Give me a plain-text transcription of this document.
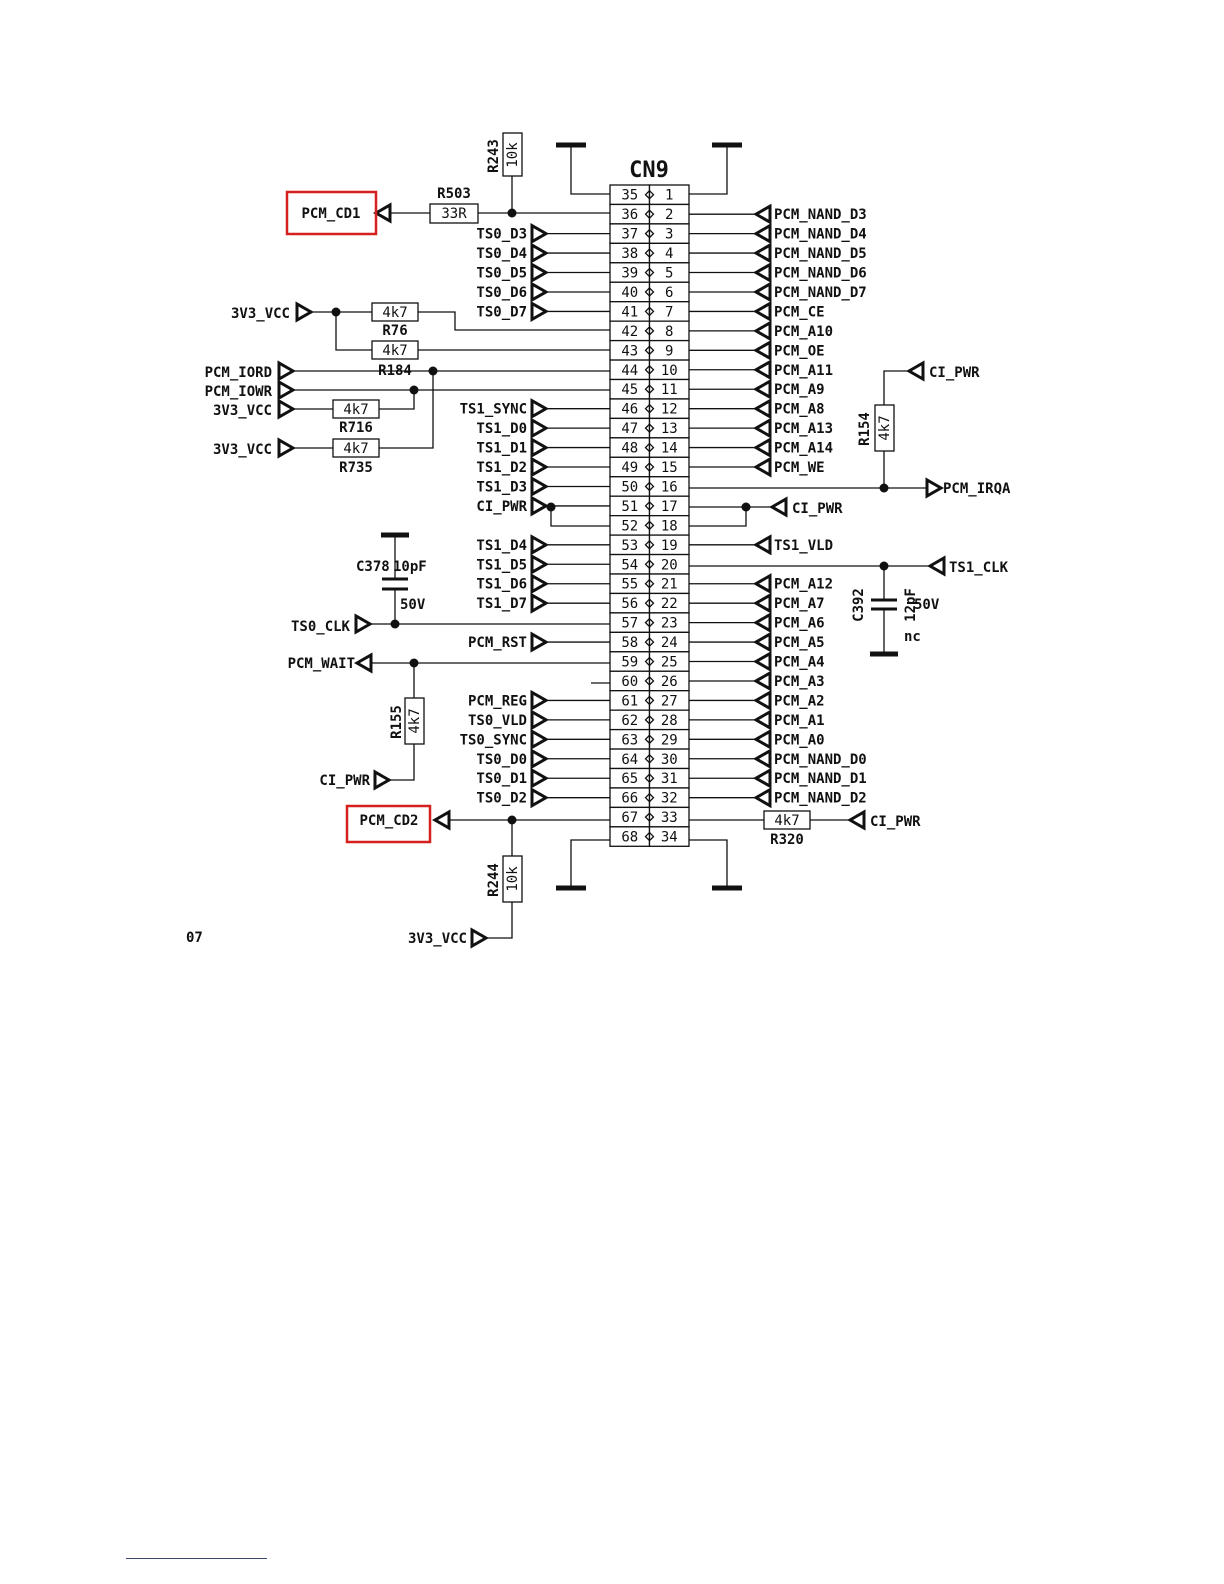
CN9
35 1
36 2
37 3
38 4
39 5
40 6
41 7
42 8
43 9
44 10
45 11
46 12
47 13
48 14
49 15
50 16
51 17
52 18
53 19
54 20
55 21
56 22
57 23
58 24
59 25
60 26
61 27
62 28
63 29
64 30
65 31
66 32
67 33
68 34
PCM_NAND_D3
PCM_NAND_D4
PCM_NAND_D5
PCM_NAND_D6
PCM_NAND_D7
PCM_CE
PCM_A10
PCM_OE
PCM_A11
PCM_A9
PCM_A8
PCM_A13
PCM_A14
PCM_WE
TS1_VLD
PCM_A12
PCM_A7
PCM_A6
PCM_A5
PCM_A4
PCM_A3
PCM_A2
PCM_A1
PCM_A0
PCM_NAND_D0
PCM_NAND_D1
PCM_NAND_D2
TS0_D3
TS0_D4
TS0_D5
TS0_D6
TS0_D7
TS1_SYNC
TS1_D0
TS1_D1
TS1_D2
TS1_D3
CI_PWR
TS1_D4
TS1_D5
TS1_D6
TS1_D7
PCM_RST
PCM_REG
TS0_VLD
TS0_SYNC
TS0_D0
TS0_D1
TS0_D2
10k
R243
33R
R503
PCM_CD1
3V3_VCC	4k7
R76
4k7
PCM_IORD	R184
PCM_IOWR
3V3_VCC	4k7
R716
3V3_VCC	4k7
R735
CI_PWR
C378 10pF
50V
TS0_CLK
PCM_WAIT
4k7
R155
CI_PWR
PCM_CD2
10k
R244
3V3_VCC
CI_PWR
4k7
R154
PCM_IRQA
TS1_CLK
C392	12pF
50V
nc
4k7
R320
CI_PWR
07
